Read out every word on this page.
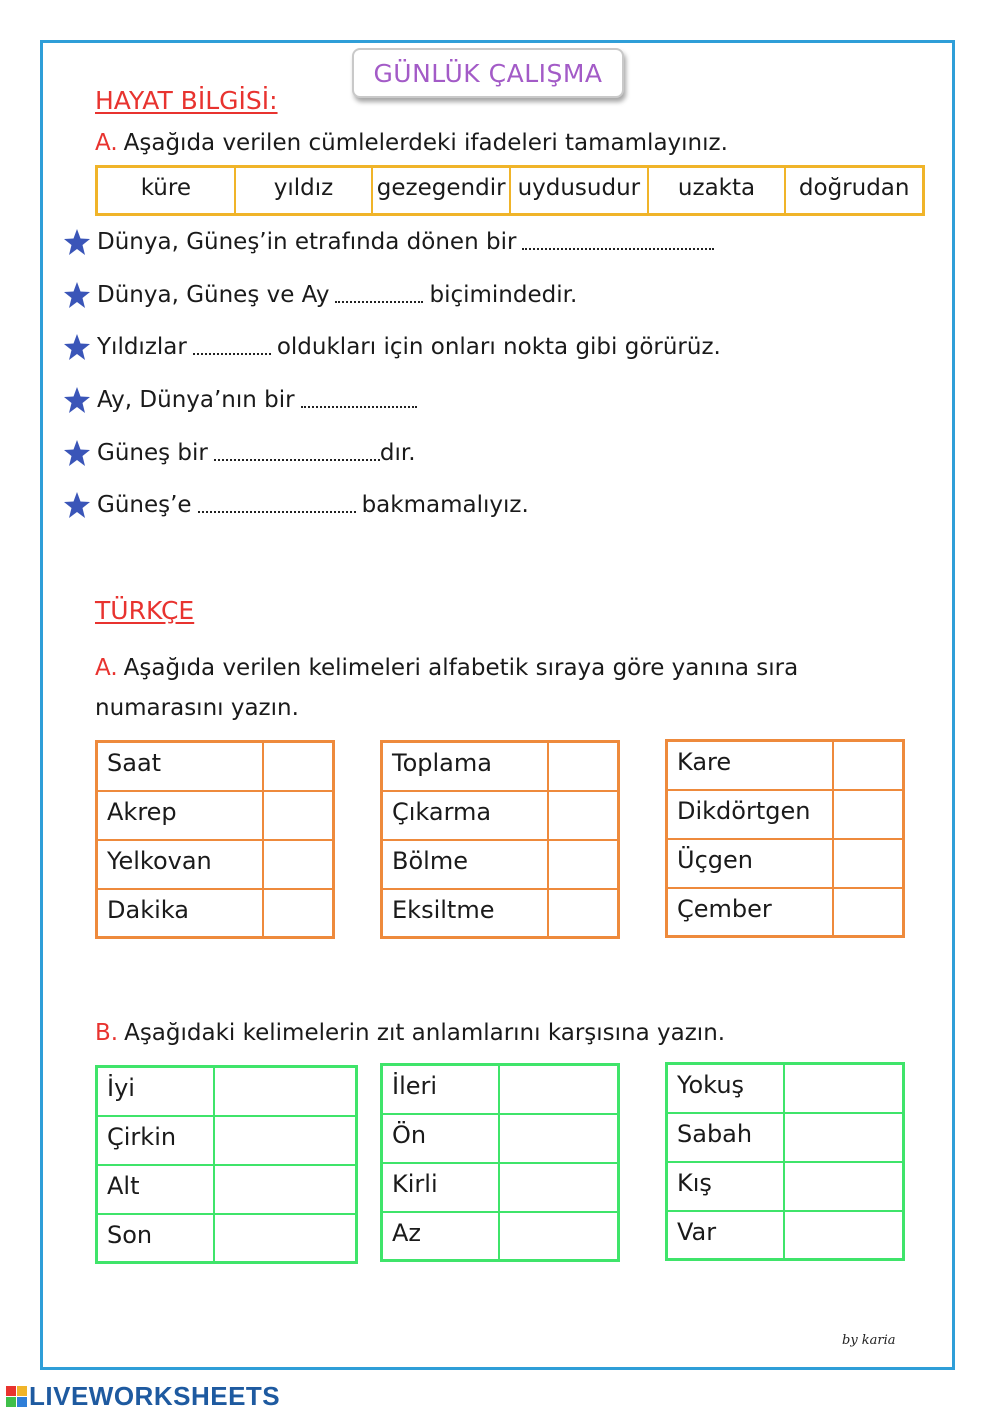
GÜNLÜK ÇALIŞMA
HAYAT BİLGİSİ:
A. Aşağıda verilen cümlelerdeki ifadeleri tamamlayınız.
küre	yıldız	gezegendir uydusudur	uzakta	doğrudan
Dünya, Güneş’in etrafında dönen bir
Dünya, Güneş ve Ay	biçimindedir.
Yıldızlar	oldukları için onları nokta gibi görürüz.
Ay, Dünya’nın bir
Güneş bir	dır.
Güneş’e	bakmamalıyız.
TÜRKÇE
A. Aşağıda verilen kelimeleri alfabetik sıraya göre yanına sıra
numarasını yazın.
Saat	
Akrep	
Yelkovan	
Dakika	
Toplama	
Çıkarma	
Bölme	
Eksiltme	
Kare	
Dikdörtgen	
Üçgen	
Çember	
B. Aşağıdaki kelimelerin zıt anlamlarını karşısına yazın.
İyi	
Çirkin	
Alt	
Son	
İleri	
Ön	
Kirli	
Az	
Yokuş	
Sabah	
Kış	
Var	
by karia
LIVEWORKSHEETS
